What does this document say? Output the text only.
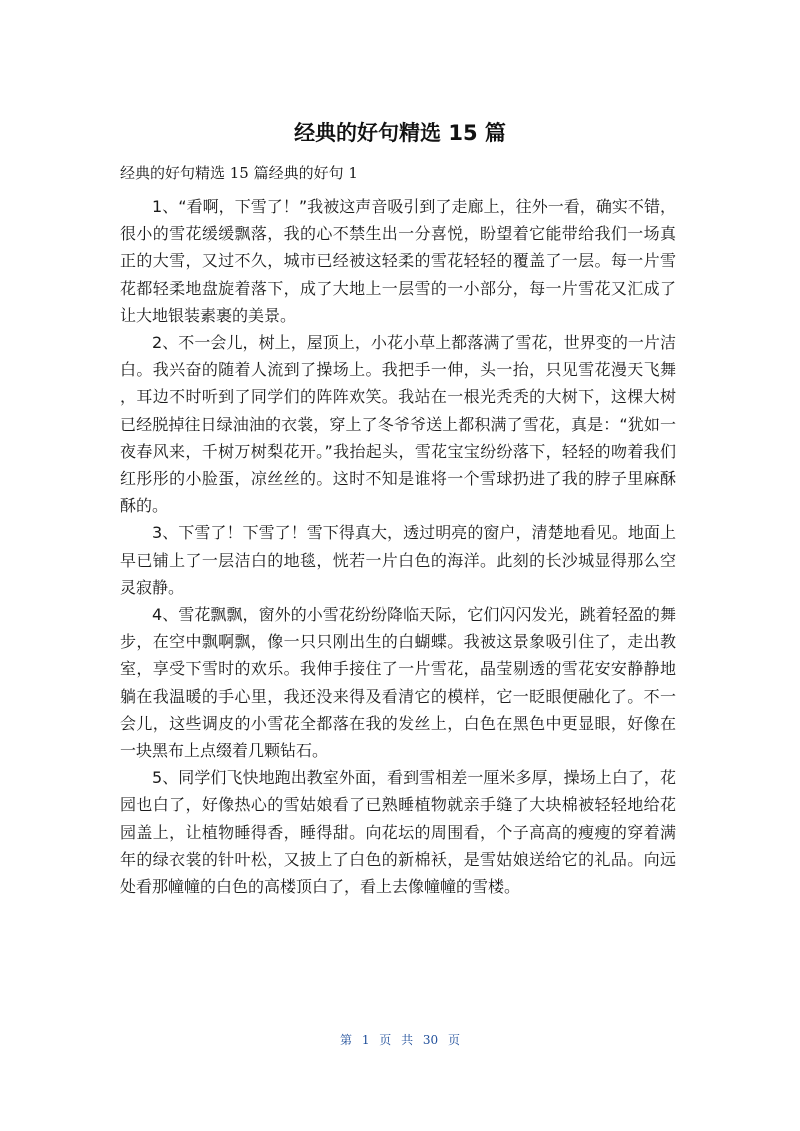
经典的好句精选 15 篇
经典的好句精选 15 篇经典的好句 1

1、“看啊，下雪了！”我被这声音吸引到了走廊上，往外一看，确实不错，很小的雪花缓缓飘落，我的心不禁生出一分喜悦，盼望着它能带给我们一场真正的大雪，又过不久，城市已经被这轻柔的雪花轻轻的覆盖了一层。每一片雪花都轻柔地盘旋着落下，成了大地上一层雪的一小部分，每一片雪花又汇成了让大地银装素裹的美景。

2、不一会儿，树上，屋顶上，小花小草上都落满了雪花，世界变的一片洁白。我兴奋的随着人流到了操场上。我把手一伸，头一抬，只见雪花漫天飞舞，耳边不时听到了同学们的阵阵欢笑。我站在一根光秃秃的大树下，这棵大树已经脱掉往日绿油油的衣裳，穿上了冬爷爷送上都积满了雪花，真是：“犹如一夜春风来，千树万树梨花开。”我抬起头，雪花宝宝纷纷落下，轻轻的吻着我们红彤彤的小脸蛋，凉丝丝的。这时不知是谁将一个雪球扔进了我的脖子里麻酥酥的。

3、下雪了！下雪了！雪下得真大，透过明亮的窗户，清楚地看见。地面上早已铺上了一层洁白的地毯，恍若一片白色的海洋。此刻的长沙城显得那么空灵寂静。

4、雪花飘飘，窗外的小雪花纷纷降临天际，它们闪闪发光，跳着轻盈的舞步，在空中飘啊飘，像一只只刚出生的白蝴蝶。我被这景象吸引住了，走出教室，享受下雪时的欢乐。我伸手接住了一片雪花，晶莹剔透的雪花安安静静地躺在我温暖的手心里，我还没来得及看清它的模样，它一眨眼便融化了。不一会儿，这些调皮的小雪花全都落在我的发丝上，白色在黑色中更显眼，好像在一块黑布上点缀着几颗钻石。

5、同学们飞快地跑出教室外面，看到雪相差一厘米多厚，操场上白了，花园也白了，好像热心的雪姑娘看了已熟睡植物就亲手缝了大块棉被轻轻地给花园盖上，让植物睡得香，睡得甜。向花坛的周围看，个子高高的瘦瘦的穿着满年的绿衣裳的针叶松，又披上了白色的新棉袄，是雪姑娘送给它的礼品。向远处看那幢幢的白色的高楼顶白了，看上去像幢幢的雪楼。

第 1 页 共 30 页
